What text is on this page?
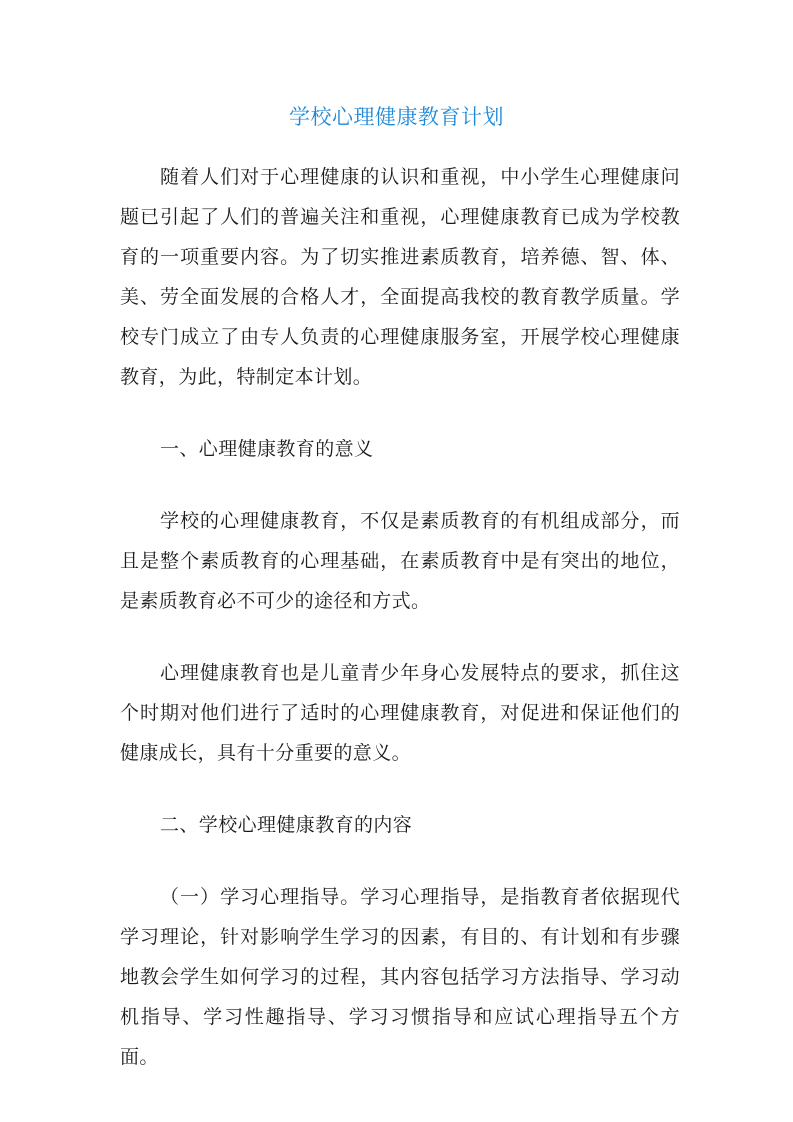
学校心理健康教育计划

随着人们对于心理健康的认识和重视，中小学生心理健康问题已引起了人们的普遍关注和重视，心理健康教育已成为学校教育的一项重要内容。为了切实推进素质教育，培养德、智、体、美、劳全面发展的合格人才，全面提高我校的教育教学质量。学校专门成立了由专人负责的心理健康服务室，开展学校心理健康教育，为此，特制定本计划。

一、心理健康教育的意义

学校的心理健康教育，不仅是素质教育的有机组成部分，而且是整个素质教育的心理基础，在素质教育中是有突出的地位，是素质教育必不可少的途径和方式。

心理健康教育也是儿童青少年身心发展特点的要求，抓住这个时期对他们进行了适时的心理健康教育，对促进和保证他们的健康成长，具有十分重要的意义。

二、学校心理健康教育的内容

（一）学习心理指导。学习心理指导，是指教育者依据现代学习理论，针对影响学生学习的因素，有目的、有计划和有步骤地教会学生如何学习的过程，其内容包括学习方法指导、学习动机指导、学习性趣指导、学习习惯指导和应试心理指导五个方面。
